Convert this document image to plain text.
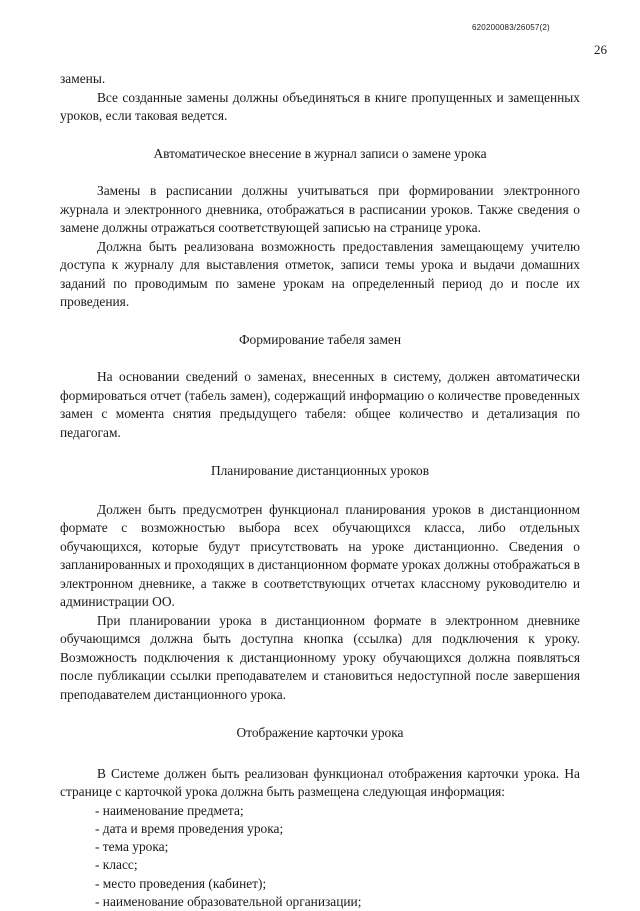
620200083/26057(2)
26

замены.

Все созданные замены должны объединяться в книге пропущенных и замещенных уроков, если таковая ведется.

Автоматическое внесение в журнал записи о замене урока

Замены в расписании должны учитываться при формировании электронного журнала и электронного дневника, отображаться в расписании уроков. Также сведения о замене должны отражаться соответствующей записью на странице урока.

Должна быть реализована возможность предоставления замещающему учителю доступа к журналу для выставления отметок, записи темы урока и выдачи домашних заданий по проводимым по замене урокам на определенный период до и после их проведения.

Формирование табеля замен

На основании сведений о заменах, внесенных в систему, должен автоматически формироваться отчет (табель замен), содержащий информацию о количестве проведенных замен с момента снятия предыдущего табеля: общее количество и детализация по педагогам.

Планирование дистанционных уроков

Должен быть предусмотрен функционал планирования уроков в дистанционном формате с возможностью выбора всех обучающихся класса, либо отдельных обучающихся, которые будут присутствовать на уроке дистанционно. Сведения о запланированных и проходящих в дистанционном формате уроках должны отображаться в электронном дневнике, а также в соответствующих отчетах классному руководителю и администрации ОО.

При планировании урока в дистанционном формате в электронном дневнике обучающимся должна быть доступна кнопка (ссылка) для подключения к уроку. Возможность подключения к дистанционному уроку обучающихся должна появляться после публикации ссылки преподавателем и становиться недоступной после завершения преподавателем дистанционного урока.

Отображение карточки урока

В Системе должен быть реализован функционал отображения карточки урока. На странице с карточкой урока должна быть размещена следующая информация:

- наименование предмета;
- дата и время проведения урока;
- тема урока;
- класс;
- место проведения (кабинет);
- наименование образовательной организации;
